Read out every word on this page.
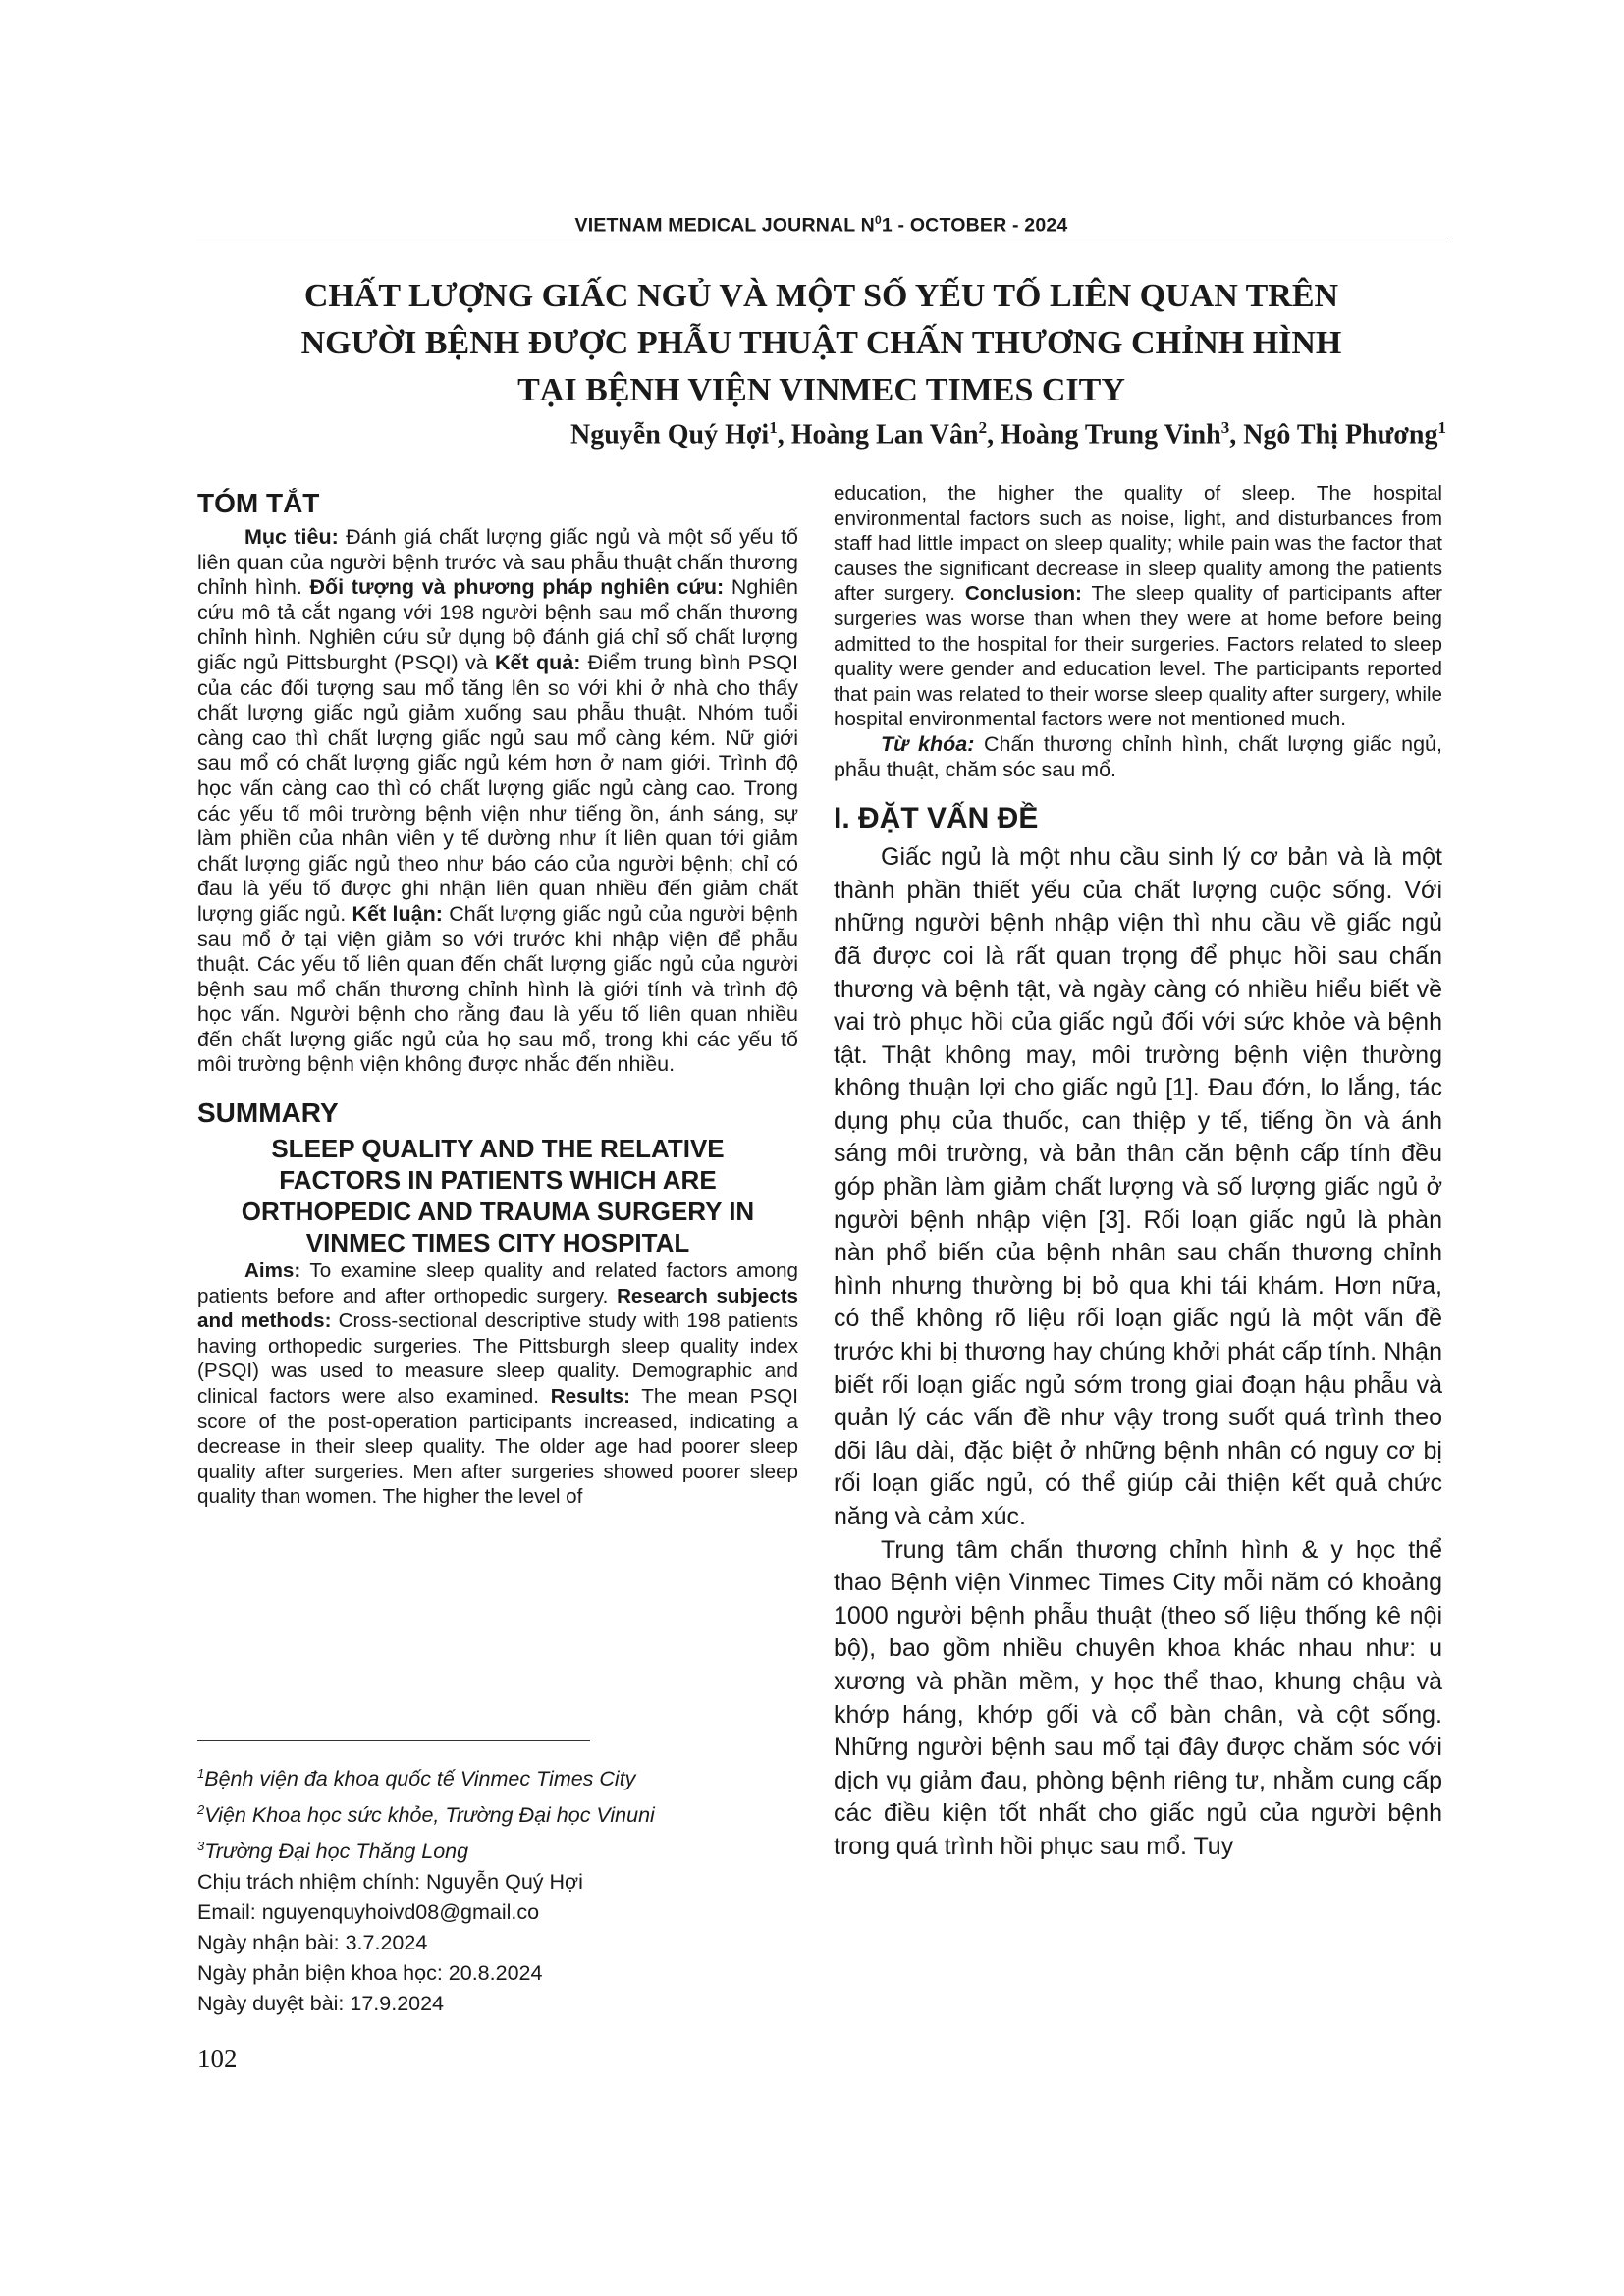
VIETNAM MEDICAL JOURNAL $N^01$ - OCTOBER - 2024
CHẤT LƯỢNG GIẤC NGỦ VÀ MỘT SỐ YẾU TỐ LIÊN QUAN TRÊN
NGƯỜI BỆNH ĐƯỢC PHẪU THUẬT CHẤN THƯƠNG CHỈNH HÌNH
TẠI BỆNH VIỆN VINMEC TIMES CITY
Nguyễn Quý Hợi$^1$, Hoàng Lan Vân$^2$, Hoàng Trung Vinh$^3$, Ngô Thị Phương$^1$
TÓM TẮT

Mục tiêu: Đánh giá chất lượng giấc ngủ và một số yếu tố liên quan của người bệnh trước và sau phẫu thuật chấn thương chỉnh hình. Đối tượng và phương pháp nghiên cứu: Nghiên cứu mô tả cắt ngang với 198 người bệnh sau mổ chấn thương chỉnh hình. Nghiên cứu sử dụng bộ đánh giá chỉ số chất lượng giấc ngủ Pittsburght (PSQI) và Kết quả: Điểm trung bình PSQI của các đối tượng sau mổ tăng lên so với khi ở nhà cho thấy chất lượng giấc ngủ giảm xuống sau phẫu thuật. Nhóm tuổi càng cao thì chất lượng giấc ngủ sau mổ càng kém. Nữ giới sau mổ có chất lượng giấc ngủ kém hơn ở nam giới. Trình độ học vấn càng cao thì có chất lượng giấc ngủ càng cao. Trong các yếu tố môi trường bệnh viện như tiếng ồn, ánh sáng, sự làm phiền của nhân viên y tế dường như ít liên quan tới giảm chất lượng giấc ngủ theo như báo cáo của người bệnh; chỉ có đau là yếu tố được ghi nhận liên quan nhiều đến giảm chất lượng giấc ngủ. Kết luận: Chất lượng giấc ngủ của người bệnh sau mổ ở tại viện giảm so với trước khi nhập viện để phẫu thuật. Các yếu tố liên quan đến chất lượng giấc ngủ của người bệnh sau mổ chấn thương chỉnh hình là giới tính và trình độ học vấn. Người bệnh cho rằng đau là yếu tố liên quan nhiều đến chất lượng giấc ngủ của họ sau mổ, trong khi các yếu tố môi trường bệnh viện không được nhắc đến nhiều.

SUMMARY
SLEEP QUALITY AND THE RELATIVE
FACTORS IN PATIENTS WHICH ARE
ORTHOPEDIC AND TRAUMA SURGERY IN
VINMEC TIMES CITY HOSPITAL

Aims: To examine sleep quality and related factors among patients before and after orthopedic surgery. Research subjects and methods: Cross-sectional descriptive study with 198 patients having orthopedic surgeries. The Pittsburgh sleep quality index (PSQI) was used to measure sleep quality. Demographic and clinical factors were also examined. Results: The mean PSQI score of the post-operation participants increased, indicating a decrease in their sleep quality. The older age had poorer sleep quality after surgeries. Men after surgeries showed poorer sleep quality than women. The higher the level of

$^1$Bệnh viện đa khoa quốc tế Vinmec Times City
$^2$Viện Khoa học sức khỏe, Trường Đại học Vinuni
$^3$Trường Đại học Thăng Long
Chịu trách nhiệm chính: Nguyễn Quý Hợi
Email: nguyenquyhoivd08@gmail.co
Ngày nhận bài: 3.7.2024
Ngày phản biện khoa học: 20.8.2024
Ngày duyệt bài: 17.9.2024
102

education, the higher the quality of sleep. The hospital environmental factors such as noise, light, and disturbances from staff had little impact on sleep quality; while pain was the factor that causes the significant decrease in sleep quality among the patients after surgery. Conclusion: The sleep quality of participants after surgeries was worse than when they were at home before being admitted to the hospital for their surgeries. Factors related to sleep quality were gender and education level. The participants reported that pain was related to their worse sleep quality after surgery, while hospital environmental factors were not mentioned much.

Từ khóa: Chấn thương chỉnh hình, chất lượng giấc ngủ, phẫu thuật, chăm sóc sau mổ.

I. ĐẶT VẤN ĐỀ

Giấc ngủ là một nhu cầu sinh lý cơ bản và là một thành phần thiết yếu của chất lượng cuộc sống. Với những người bệnh nhập viện thì nhu cầu về giấc ngủ đã được coi là rất quan trọng để phục hồi sau chấn thương và bệnh tật, và ngày càng có nhiều hiểu biết về vai trò phục hồi của giấc ngủ đối với sức khỏe và bệnh tật. Thật không may, môi trường bệnh viện thường không thuận lợi cho giấc ngủ [1]. Đau đớn, lo lắng, tác dụng phụ của thuốc, can thiệp y tế, tiếng ồn và ánh sáng môi trường, và bản thân căn bệnh cấp tính đều góp phần làm giảm chất lượng và số lượng giấc ngủ ở người bệnh nhập viện [3]. Rối loạn giấc ngủ là phàn nàn phổ biến của bệnh nhân sau chấn thương chỉnh hình nhưng thường bị bỏ qua khi tái khám. Hơn nữa, có thể không rõ liệu rối loạn giấc ngủ là một vấn đề trước khi bị thương hay chúng khởi phát cấp tính. Nhận biết rối loạn giấc ngủ sớm trong giai đoạn hậu phẫu và quản lý các vấn đề như vậy trong suốt quá trình theo dõi lâu dài, đặc biệt ở những bệnh nhân có nguy cơ bị rối loạn giấc ngủ, có thể giúp cải thiện kết quả chức năng và cảm xúc.

Trung tâm chấn thương chỉnh hình & y học thể thao Bệnh viện Vinmec Times City mỗi năm có khoảng 1000 người bệnh phẫu thuật (theo số liệu thống kê nội bộ), bao gồm nhiều chuyên khoa khác nhau như: u xương và phần mềm, y học thể thao, khung chậu và khớp háng, khớp gối và cổ bàn chân, và cột sống. Những người bệnh sau mổ tại đây được chăm sóc với dịch vụ giảm đau, phòng bệnh riêng tư, nhằm cung cấp các điều kiện tốt nhất cho giấc ngủ của người bệnh trong quá trình hồi phục sau mổ. Tuy
